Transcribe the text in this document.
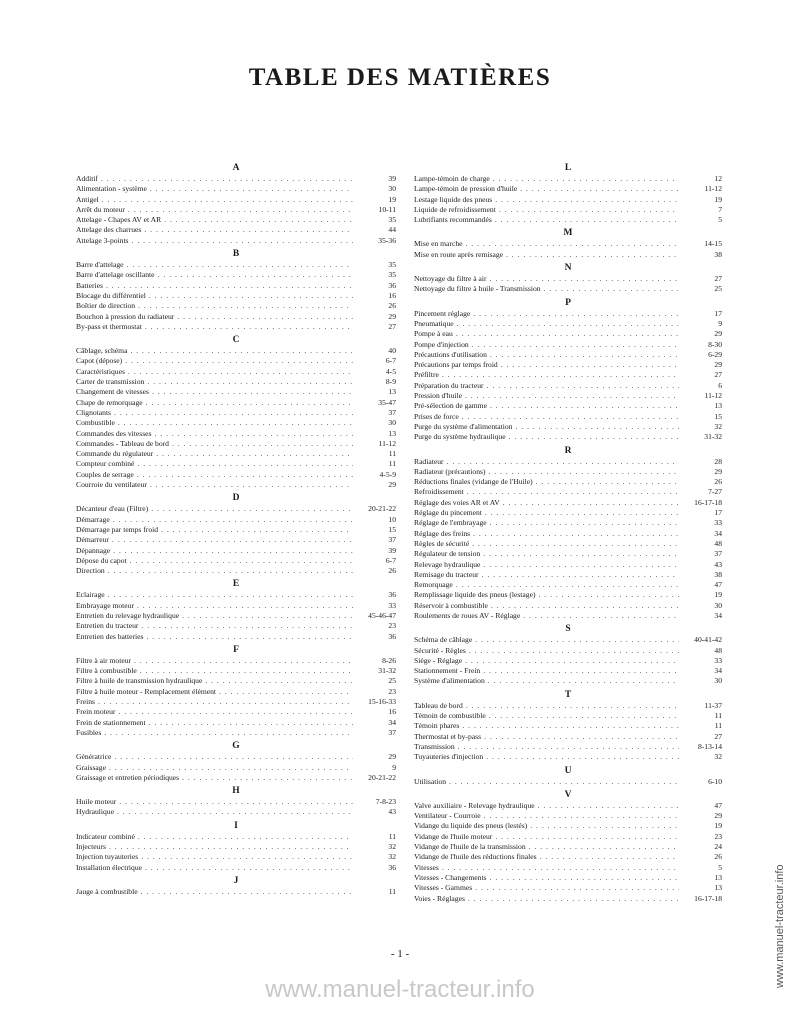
TABLE DES MATIÈRES
A
Additif . . .	39
Alimentation - système . . .	30
Antigel . . .	19
Arrêt du moteur . . .	10-11
Attelage - Chapes AV et AR . . .	35
Attelage des charrues . . .	44
Attelage 3-points . . .	35-36
B
Barre d'attelage . . .	35
Barre d'attelage oscillante . . .	35
Batteries . . .	36
Blocage du différentiel . . .	16
Boîtier de direction . . .	26
Bouchon à pression du radiateur . . .	29
By-pass et thermostat . . .	27
C
Câblage, schéma . . .	40
Capot (dépose) . . .	6-7
Caractéristiques . . .	4-5
Carter de transmission . . .	8-9
Changement de vitesses . . .	13
Chape de remorquage . . .	35-47
Clignotants . . .	37
Combustible . . .	30
Commandes des vitesses . . .	13
Commandes - Tableau de bord . . .	11-12
Commande du régulateur . . .	11
Compteur combiné . . .	11
Couples de serrage . . .	4-5-9
Courroie du ventilateur . . .	29
D
Décanteur d'eau (Filtre) . . .	20-21-22
Démarrage . . .	10
Démarrage par temps froid . . .	15
Démarreur . . .	37
Dépannage . . .	39
Dépose du capot . . .	6-7
Direction . . .	26
E
Eclairage . . .	36
Embrayage moteur . . .	33
Entretien du relevage hydraulique . . .	45-46-47
Entretien du tracteur . . .	23
Entretien des batteries . . .	36
F
Filtre à air moteur . . .	8-26
Filtre à combustible . . .	31-32
Filtre à huile de transmission hydraulique . . .	25
Filtre à huile moteur - Remplacement élément . . .	23
Freins . . .	15-16-33
Frein moteur . . .	16
Frein de stationnement . . .	34
Fusibles . . .	37
G
Génératrice . . .	29
Graissage . . .	9
Graissage et entretien périodiques . . .	20-21-22
H
Huile moteur . . .	7-8-23
Hydraulique . . .	43
I
Indicateur combiné . . .	11
Injecteurs . . .	32
Injection tuyauteries . . .	32
Installation électrique . . .	36
J
Jauge à combustible . . .	11
L
Lampe-témoin de charge . . .	12
Lampe-témoin de pression d'huile . . .	11-12
Lestage liquide des pneus . . .	19
Liquide de refroidissement . . .	7
Lubrifiants recommandés . . .	5
M
Mise en marche . . .	14-15
Mise en route après remisage . . .	38
N
Nettoyage du filtre à air . . .	27
Nettoyage du filtre à huile - Transmission . . .	25
P
Pincement réglage . . .	17
Pneumatique . . .	9
Pompe à eau . . .	29
Pompe d'injection . . .	8-30
Précautions d'utilisation . . .	6-29
Précautions par temps froid . . .	29
Préfiltre . . .	27
Préparation du tracteur . . .	6
Pression d'huile . . .	11-12
Pré-sélection de gamme . . .	13
Prises de force . . .	15
Purge du système d'alimentation . . .	32
Purge du système hydraulique . . .	31-32
R
Radiateur . . .	28
Radiateur (précautions) . . .	29
Réductions finales (vidange de l'Huile) . . .	26
Refroidissement . . .	7-27
Réglage des voies AR et AV . . .	16-17-18
Réglage du pincement . . .	17
Réglage de l'embrayage . . .	33
Réglage des freins . . .	34
Règles de sécurité . . .	48
Régulateur de tension . . .	37
Relevage hydraulique . . .	43
Remisage du tracteur . . .	38
Remorquage . . .	47
Remplissage liquide des pneus (lestage) . . .	19
Réservoir à combustible . . .	30
Roulements de roues AV - Réglage . . .	34
S
Schéma de câblage . . .	40-41-42
Sécurité - Règles . . .	48
Siège - Réglage . . .	33
Stationnement - Frein . . .	34
Système d'alimentation . . .	30
T
Tableau de bord . . .	11-37
Témoin de combustible . . .	11
Témoin phares . . .	11
Thermostat et by-pass . . .	27
Transmission . . .	8-13-14
Tuyauteries d'injection . . .	32
U
Utilisation . . .	6-10
V
Valve auxiliaire - Relevage hydraulique . . .	47
Ventilateur - Courroie . . .	29
Vidange du liquide des pneus (lestés) . . .	19
Vidange de l'huile moteur . . .	23
Vidange de l'huile de la transmission . . .	24
Vidange de l'huile des réductions finales . . .	26
Vitesses . . .	5
Vitesses - Changements . . .	13
Vitesses - Gammes . . .	13
Voies - Réglages . . .	16-17-18
- 1 -
www.manuel-tracteur.info
www.manuel-tracteur.info
